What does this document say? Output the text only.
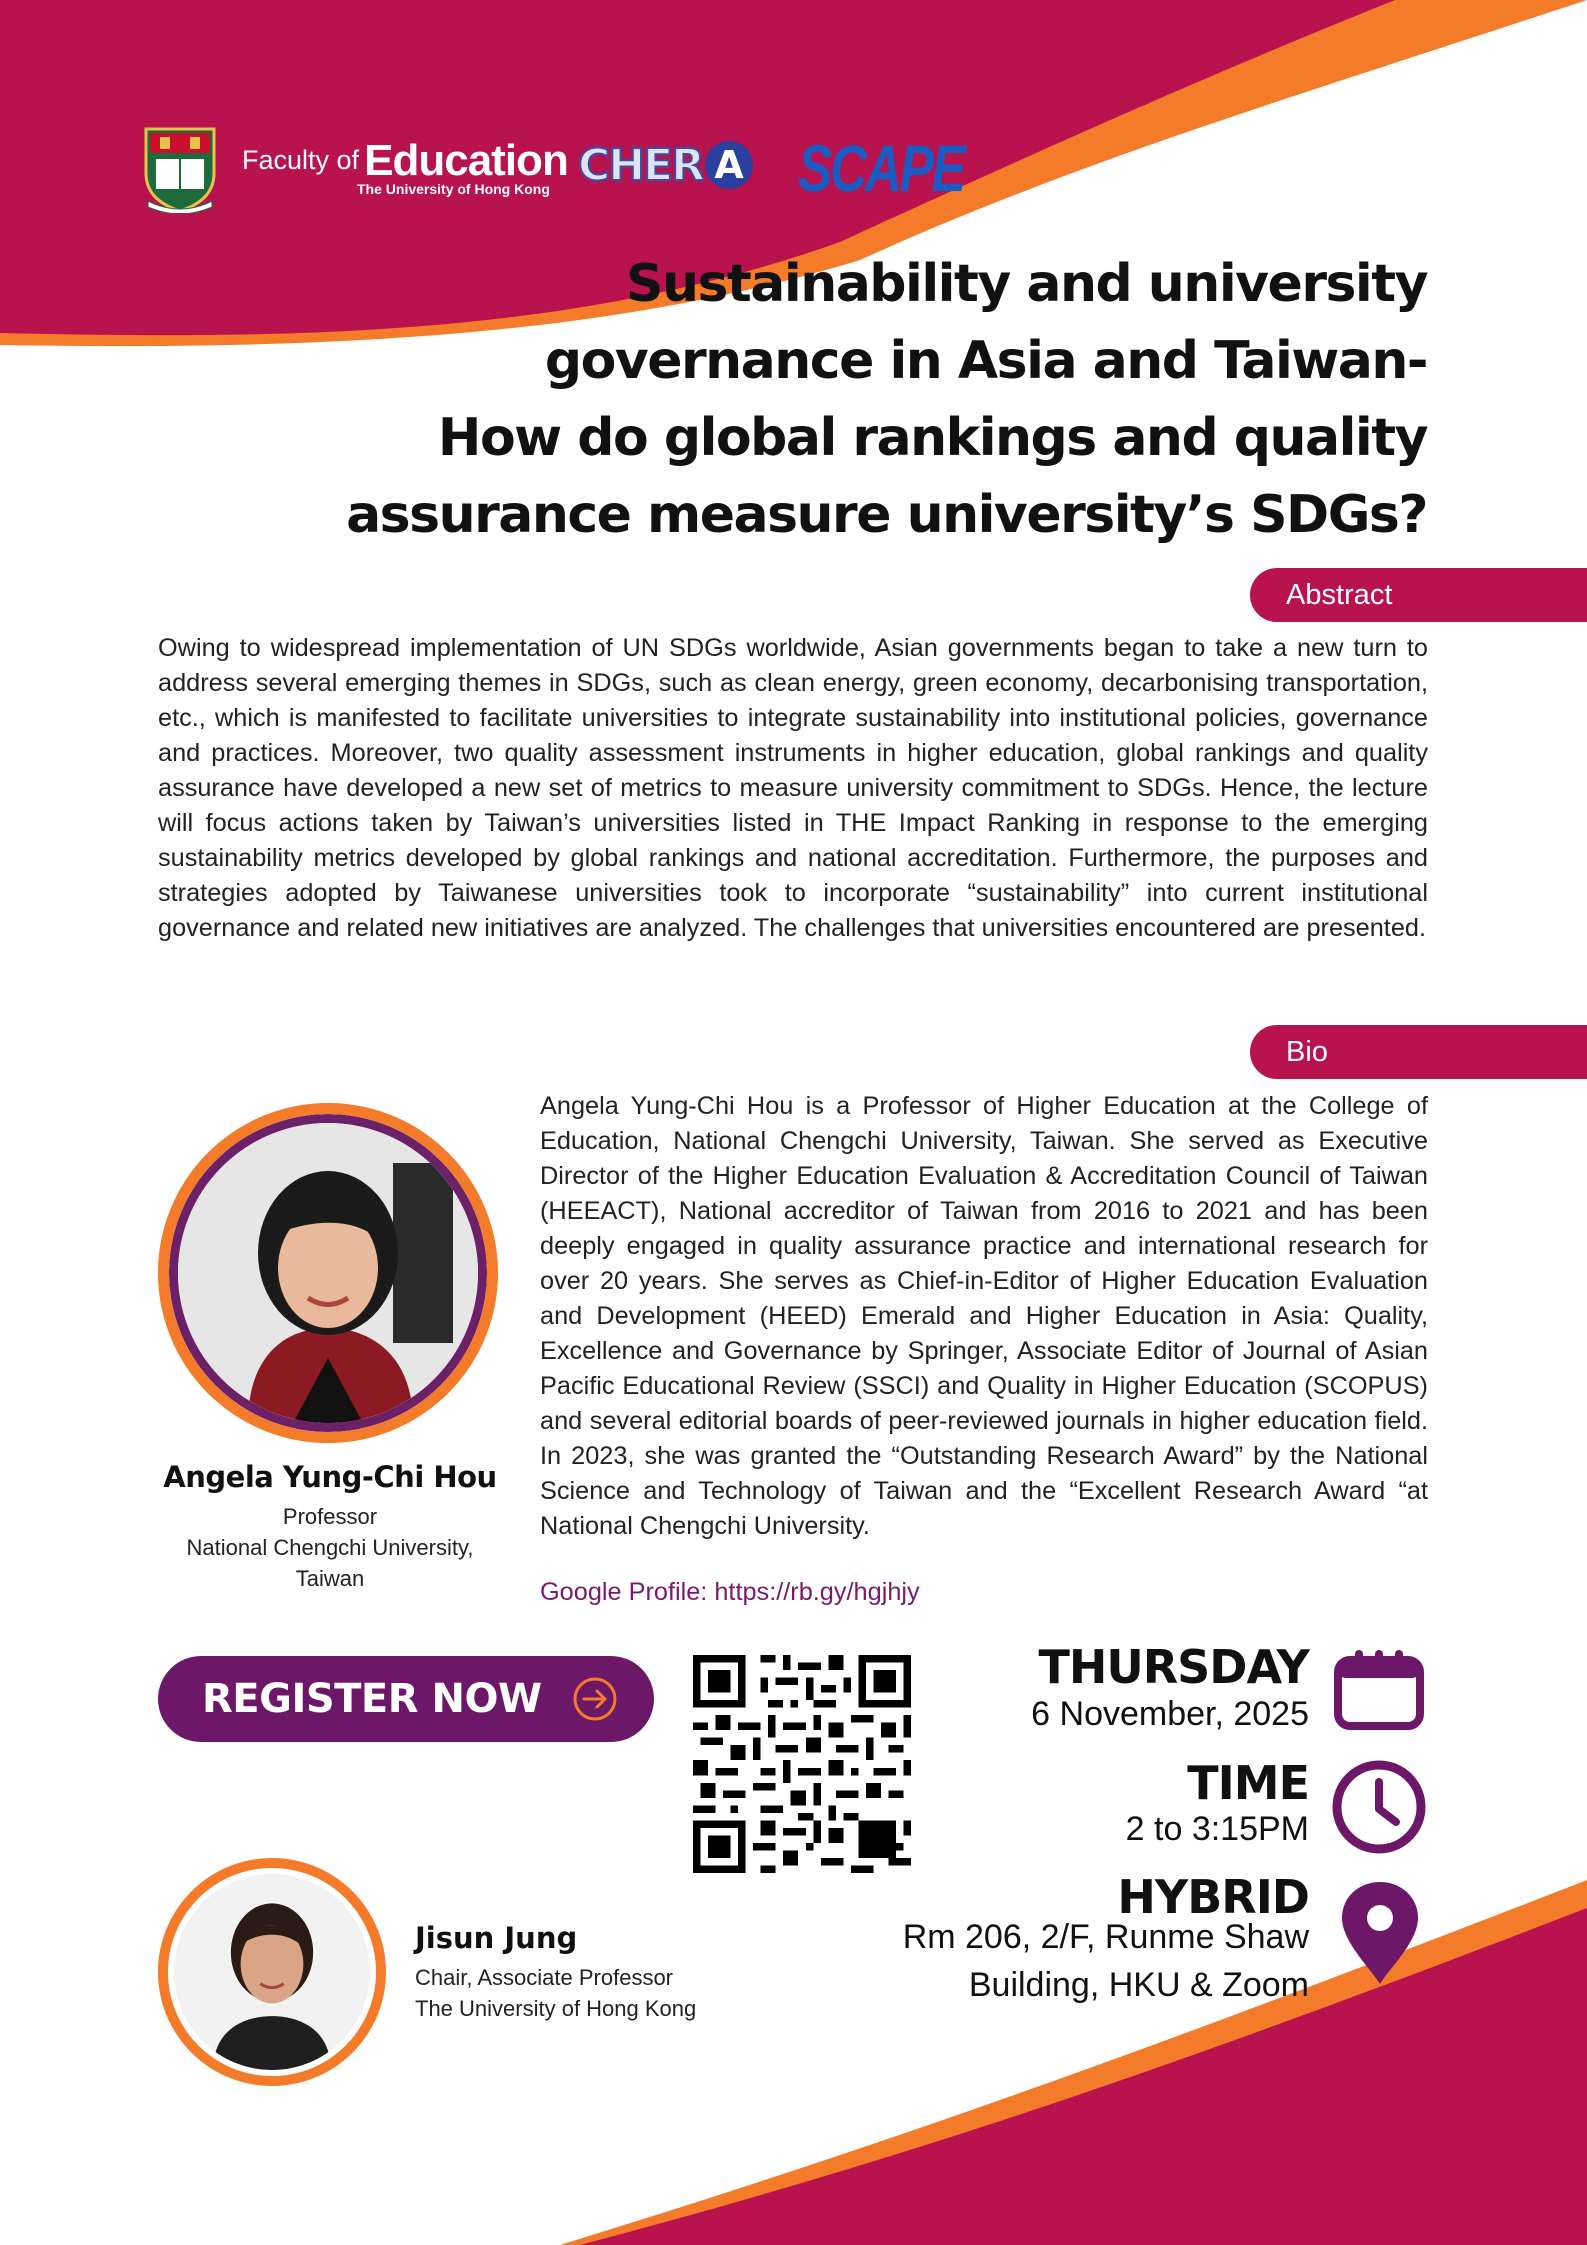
Faculty of Education
The University of Hong Kong CHER A SCAPE
Sustainability and university
governance in Asia and Taiwan-
How do global rankings and quality
assurance measure university’s SDGs?
Abstract
Owing to widespread implementation of UN SDGs worldwide, Asian governments began to take a new turn to address several emerging themes in SDGs, such as clean energy, green economy, decarbonising transportation, etc., which is manifested to facilitate universities to integrate sustainability into institutional policies, governance and practices. Moreover, two quality assessment instruments in higher education, global rankings and quality assurance have developed a new set of metrics to measure university commitment to SDGs. Hence, the lecture will focus actions taken by Taiwan’s universities listed in THE Impact Ranking in response to the emerging sustainability metrics developed by global rankings and national accreditation. Furthermore, the purposes and strategies adopted by Taiwanese universities took to incorporate “sustainability” into current institutional governance and related new initiatives are analyzed. The challenges that universities encountered are presented.
Bio
Angela Yung-Chi Hou
Professor
National Chengchi University,
Taiwan
Angela Yung-Chi Hou is a Professor of Higher Education at the College of Education, National Chengchi University, Taiwan. She served as Executive Director of the Higher Education Evaluation & Accreditation Council of Taiwan (HEEACT), National accreditor of Taiwan from 2016 to 2021 and has been deeply engaged in quality assurance practice and international research for over 20 years. She serves as Chief-in-Editor of Higher Education Evaluation and Development (HEED) Emerald and Higher Education in Asia: Quality, Excellence and Governance by Springer, Associate Editor of Journal of Asian Pacific Educational Review (SSCI) and Quality in Higher Education (SCOPUS) and several editorial boards of peer-reviewed journals in higher education field. In 2023, she was granted the “Outstanding Research Award” by the National Science and Technology of Taiwan and the “Excellent Research Award “at National Chengchi University.
Google Profile: https://rb.gy/hgjhjy
REGISTER NOW
THURSDAY
6 November, 2025
TIME
2 to 3:15PM
HYBRID
Rm 206, 2/F, Runme Shaw
Building, HKU & Zoom
Jisun Jung
Chair, Associate Professor
The University of Hong Kong
